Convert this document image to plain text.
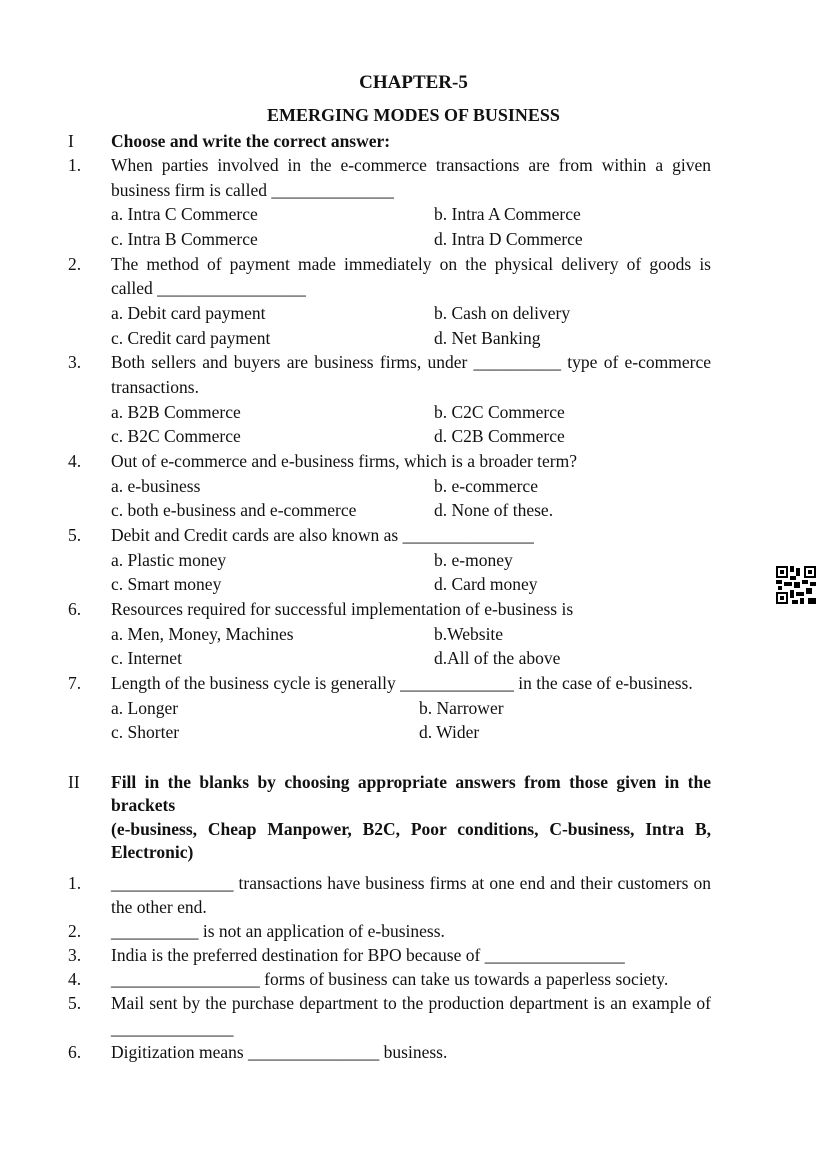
CHAPTER-5
EMERGING MODES OF BUSINESS
I Choose and write the correct answer:
1. When parties involved in the e-commerce transactions are from within a given business firm is called ______________
a. Intra C Commerce	b. Intra A Commerce
c. Intra B Commerce	d. Intra D Commerce
2. The method of payment made immediately on the physical delivery of goods is called _________________
a. Debit card payment	b. Cash on delivery
c. Credit card payment	d. Net Banking
3. Both sellers and buyers are business firms, under __________ type of e-commerce transactions.
a. B2B Commerce	b. C2C Commerce
c. B2C Commerce	d. C2B Commerce
4. Out of e-commerce and e-business firms, which is a broader term?
a. e-business	b. e-commerce
c. both e-business and e-commerce	d. None of these.
5. Debit and Credit cards are also known as _______________
a. Plastic money	b. e-money
c. Smart money	d. Card money
6. Resources required for successful implementation of e-business is
a. Men, Money, Machines	b.Website
c. Internet	d.All of the above
7. Length of the business cycle is generally _____________ in the case of e-business.
a. Longer	b. Narrower
c. Shorter	d. Wider
II Fill in the blanks by choosing appropriate answers from those given in the brackets
(e-business, Cheap Manpower, B2C, Poor conditions, C-business, Intra B, Electronic)
1. ______________ transactions have business firms at one end and their customers on the other end.
2. __________ is not an application of e-business.
3. India is the preferred destination for BPO because of ________________
4. _________________ forms of business can take us towards a paperless society.
5. Mail sent by the purchase department to the production department is an example of ______________
6. Digitization means _______________ business.
